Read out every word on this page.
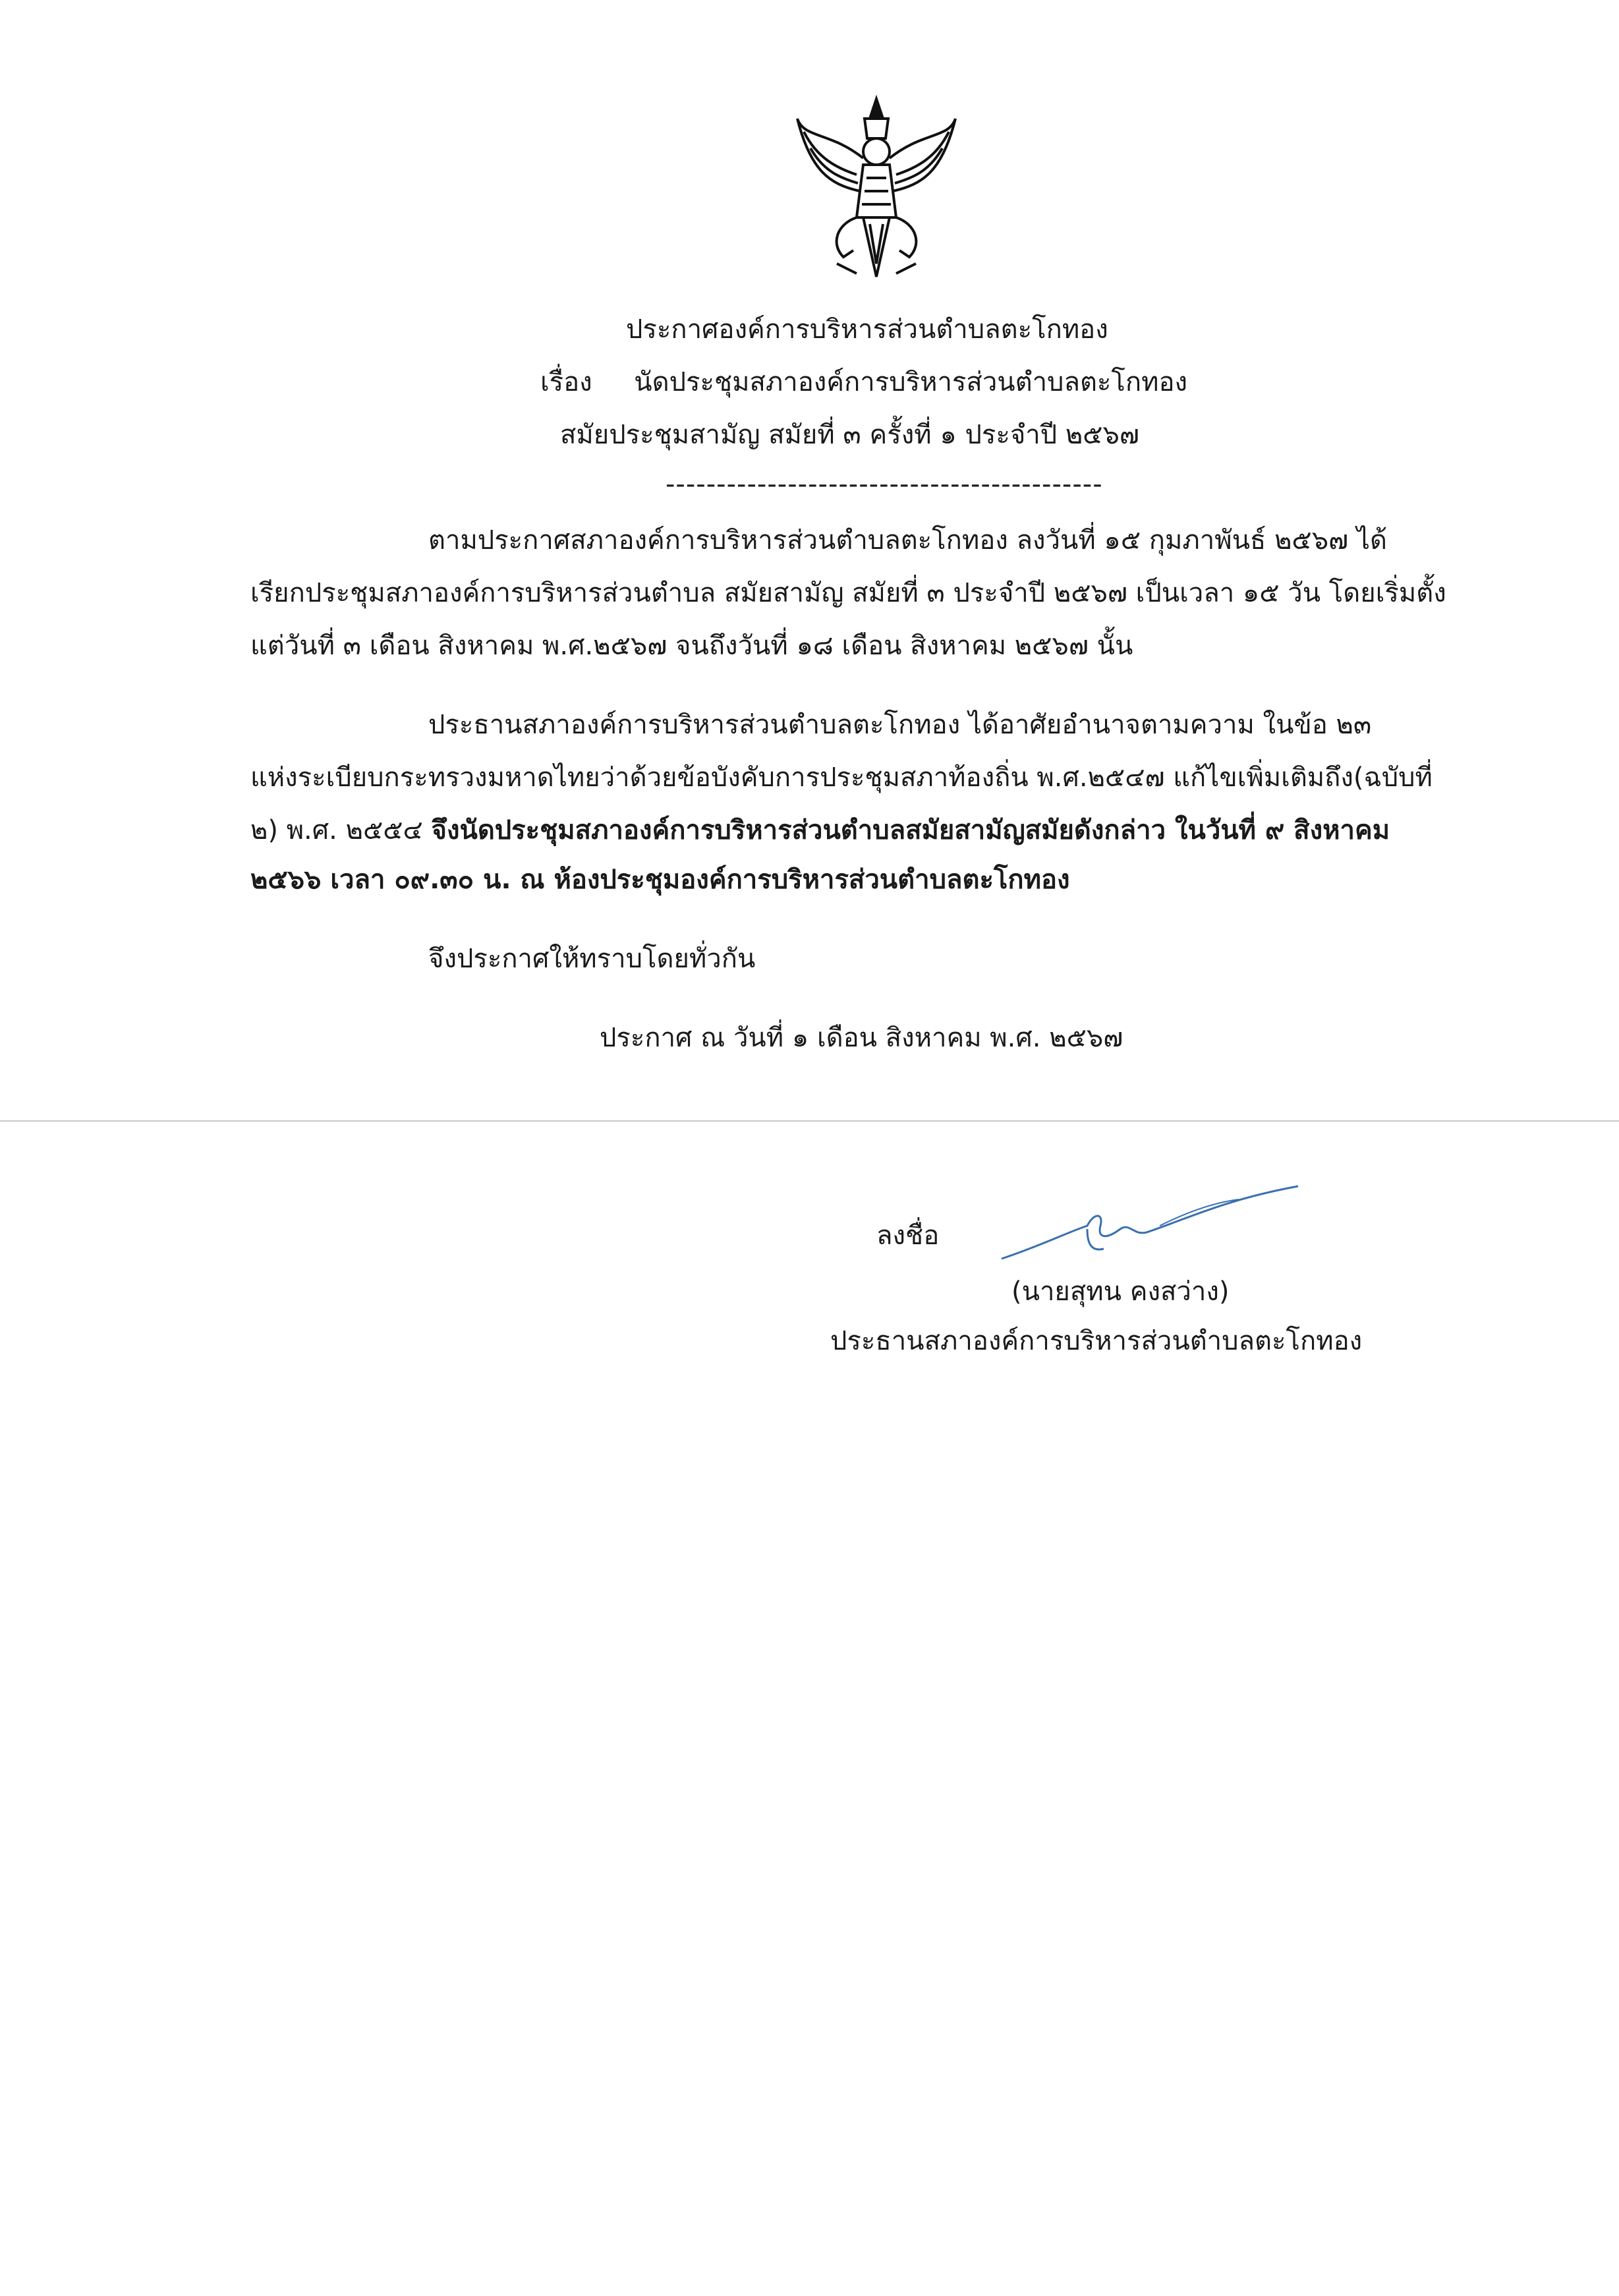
ประกาศองค์การบริหารส่วนตำบลตะโกทอง
เรื่อง นัดประชุมสภาองค์การบริหารส่วนตำบลตะโกทอง
สมัยประชุมสามัญ สมัยที่ ๓ ครั้งที่ ๑ ประจำปี ๒๕๖๗
-------------------------------------------
ตามประกาศสภาองค์การบริหารส่วนตำบลตะโกทอง ลงวันที่ ๑๕ กุมภาพันธ์ ๒๕๖๗ ได้
เรียกประชุมสภาองค์การบริหารส่วนตำบล สมัยสามัญ สมัยที่ ๓ ประจำปี ๒๕๖๗ เป็นเวลา ๑๕ วัน โดยเริ่มตั้ง
แต่วันที่ ๓ เดือน สิงหาคม พ.ศ.๒๕๖๗ จนถึงวันที่ ๑๘ เดือน สิงหาคม ๒๕๖๗ นั้น
ประธานสภาองค์การบริหารส่วนตำบลตะโกทอง ได้อาศัยอำนาจตามความ ในข้อ ๒๓
แห่งระเบียบกระทรวงมหาดไทยว่าด้วยข้อบังคับการประชุมสภาท้องถิ่น พ.ศ.๒๕๔๗ แก้ไขเพิ่มเติมถึง(ฉบับที่
๒) พ.ศ. ๒๕๕๔ จึงนัดประชุมสภาองค์การบริหารส่วนตำบลสมัยสามัญสมัยดังกล่าว ในวันที่ ๙ สิงหาคม
๒๕๖๖ เวลา ๐๙.๓๐ น. ณ ห้องประชุมองค์การบริหารส่วนตำบลตะโกทอง
จึงประกาศให้ทราบโดยทั่วกัน
ประกาศ ณ วันที่ ๑ เดือน สิงหาคม พ.ศ. ๒๕๖๗
ลงชื่อ
(นายสุทน คงสว่าง)
ประธานสภาองค์การบริหารส่วนตำบลตะโกทอง
